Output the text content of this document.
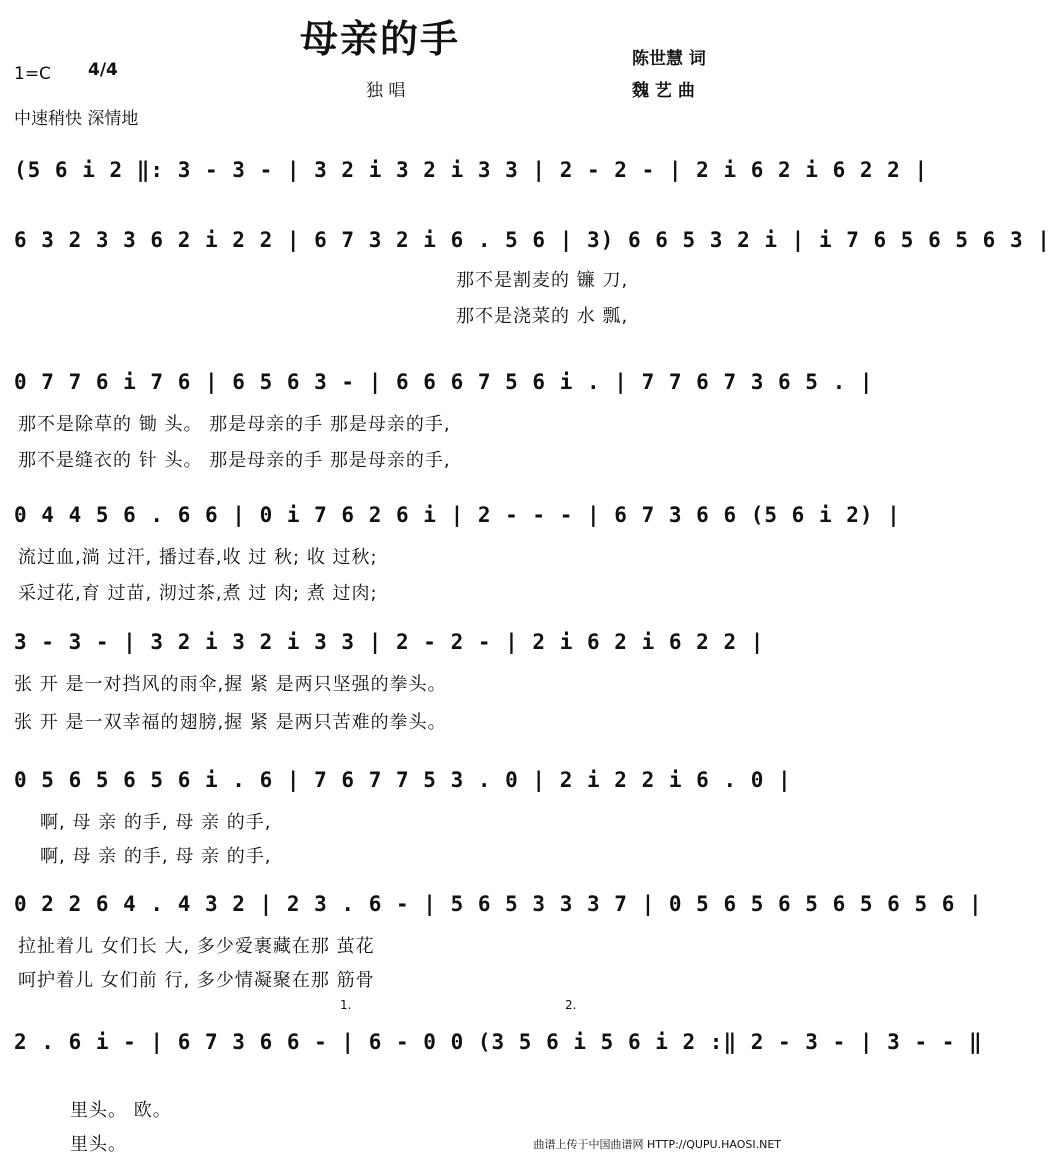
母亲的手
1=C 4/4
独 唱
中速稍快 深情地
陈世慧 词
魏 艺 曲
(5 6 i 2 ‖: 3 - 3 - | 3 2 i 3 2 i 3 3 | 2 - 2 - | 2 i 6 2 i 6 2 2 |
6 3 2 3 3 6 2 i 2 2 | 6 7 3 2 i 6 . 5 6 | 3) 6 6 5 3 2 i | i 7 6 5 6 5 6 3 |
那不是割麦的 镰 刀,
那不是浇菜的 水 瓢,
0 7 7 6 i 7 6 | 6 5 6 3 - | 6 6 6 7 5 6 i . | 7 7 6 7 3 6 5 . |
那不是除草的 锄 头。 那是母亲的手 那是母亲的手,
那不是缝衣的 针 头。 那是母亲的手 那是母亲的手,
0 4 4 5 6 . 6 6 | 0 i 7 6 2 6 i | 2 - - - | 6 7 3 6 6 (5 6 i 2) |
流过血,淌 过汗, 播过春,收 过 秋; 收 过秋;
采过花,育 过苗, 沏过茶,煮 过 肉; 煮 过肉;
3 - 3 - | 3 2 i 3 2 i 3 3 | 2 - 2 - | 2 i 6 2 i 6 2 2 |
张 开 是一对挡风的雨伞,握 紧 是两只坚强的拳头。
张 开 是一双幸福的翅膀,握 紧 是两只苦难的拳头。
0 5 6 5 6 5 6 i . 6 | 7 6 7 7 5 3 . 0 | 2 i 2 2 i 6 . 0 |
啊, 母 亲 的手, 母 亲 的手,
啊, 母 亲 的手, 母 亲 的手,
0 2 2 6 4 . 4 3 2 | 2 3 . 6 - | 5 6 5 3 3 3 7 | 0 5 6 5 6 5 6 5 6 5 6 |
拉扯着儿 女们长 大, 多少爱裹藏在那 茧花
呵护着儿 女们前 行, 多少情凝聚在那 筋骨
1.	2.
2 . 6 i - | 6 7 3 6 6 - | 6 - 0 0 (3 5 6 i 5 6 i 2 :‖ 2 - 3 - | 3 - - ‖
里头。 欧。
里头。	曲谱上传于中国曲谱网 HTTP://QUPU.HAOSI.NET
